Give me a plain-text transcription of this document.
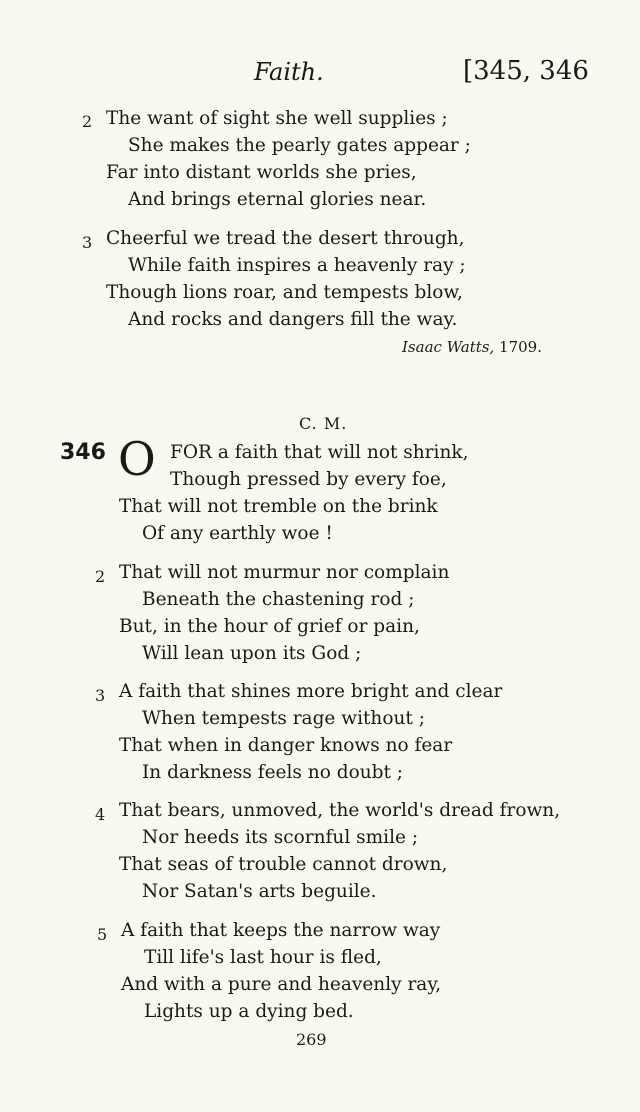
Faith.	[345, 346
2 The want of sight she well supplies ;
She makes the pearly gates appear ;
Far into distant worlds she pries,
And brings eternal glories near.
3 Cheerful we tread the desert through,
While faith inspires a heavenly ray ;
Though lions roar, and tempests blow,
And rocks and dangers fill the way.
Isaac Watts, 1709.
C. M.
346 O FOR a faith that will not shrink,
Though pressed by every foe,
That will not tremble on the brink
Of any earthly woe !
2 That will not murmur nor complain
Beneath the chastening rod ;
But, in the hour of grief or pain,
Will lean upon its God ;
3 A faith that shines more bright and clear
When tempests rage without ;
That when in danger knows no fear
In darkness feels no doubt ;
4 That bears, unmoved, the world's dread frown,
Nor heeds its scornful smile ;
That seas of trouble cannot drown,
Nor Satan's arts beguile.
5 A faith that keeps the narrow way
Till life's last hour is fled,
And with a pure and heavenly ray,
Lights up a dying bed.
269
